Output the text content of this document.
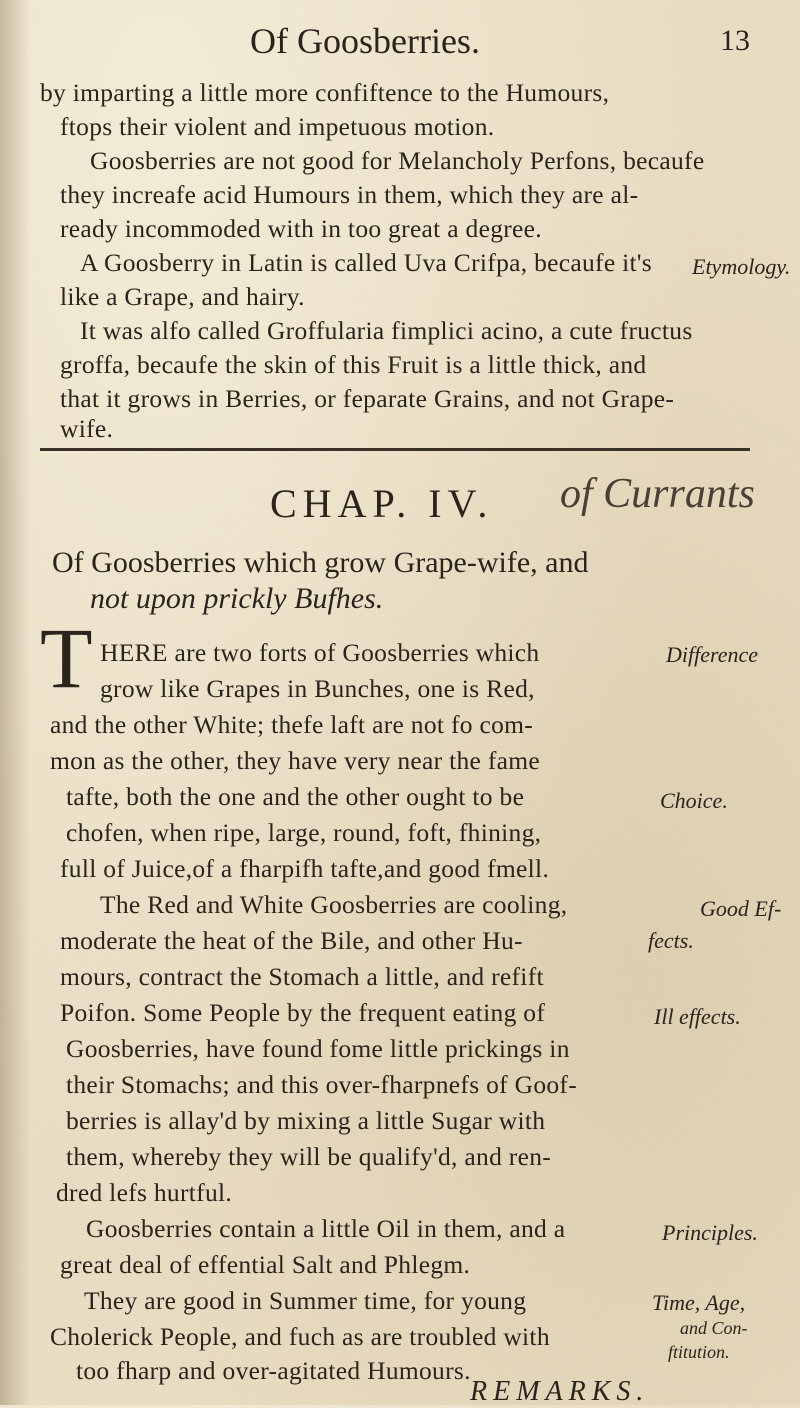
Of Goosberries.	13
by imparting a little more confiftence to the Humours,
ftops their violent and impetuous motion.
Goosberries are not good for Melancholy Perfons, becaufe
they increafe acid Humours in them, which they are al-
ready incommoded with in too great a degree.
A Goosberry in Latin is called Uva Crifpa, becaufe it's Etymology.
like a Grape, and hairy.
It was alfo called Groffularia fimplici acino, a cute fructus
groffa, becaufe the skin of this Fruit is a little thick, and
that it grows in Berries, or feparate Grains, and not Grape-
wife.
CHAP. IV. of Currants
Of Goosberries which grow Grape-wife, and
not upon prickly Bufhes.
T HERE are two forts of Goosberries which	Difference
grow like Grapes in Bunches, one is Red,
and the other White; thefe laft are not fo com-
mon as the other, they have very near the fame
tafte, both the one and the other ought to be	Choice.
chofen, when ripe, large, round, foft, fhining,
full of Juice,of a fharpifh tafte,and good fmell.
The Red and White Goosberries are cooling,	Good Ef-
moderate the heat of the Bile, and other Hu-	fects.
mours, contract the Stomach a little, and refift
Poifon. Some People by the frequent eating of	Ill effects.
Goosberries, have found fome little prickings in
their Stomachs; and this over-fharpnefs of Goof-
berries is allay'd by mixing a little Sugar with
them, whereby they will be qualify'd, and ren-
dred lefs hurtful.
Goosberries contain a little Oil in them, and a	Principles.
great deal of effential Salt and Phlegm.
They are good in Summer time, for young	Time, Age,
Cholerick People, and fuch as are troubled with	and Con-
too fharp and over-agitated Humours.
ftitution.
REMARKS.
